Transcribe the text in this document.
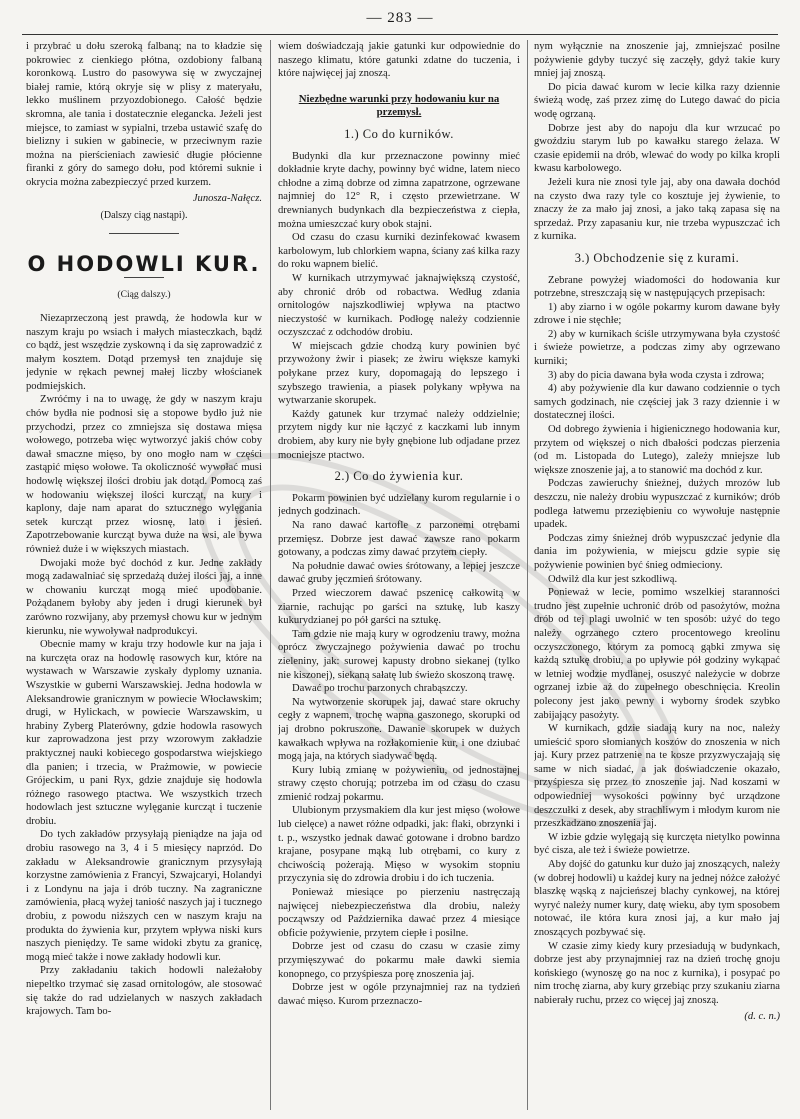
— 283 —

i przybrać u dołu szeroką falbaną; na to kładzie się pokrowiec z cienkiego płótna, ozdobiony falbaną koronkową. Lustro do pasowywa się w zwyczajnej białej ramie, którą okryje się w plisy z materyału, lekko muślinem przyozdobionego. Całość będzie skromna, ale tania i dostatecznie elegancka. Jeżeli jest miejsce, to zamiast w sypialni, trzeba ustawić szafę do bielizny i sukien w gabinecie, w przeciwnym razie można na pierścieniach zawiesić długie płócienne firanki z góry do samego dołu, pod któremi suknie i okrycia można zabezpieczyć przed kurzem.

Junosza-Nałęcz.
(Dalszy ciąg nastąpi).
O HODOWLI KUR.
(Ciąg dalszy.)

Niezaprzeczoną jest prawdą, że hodowla kur w naszym kraju po wsiach i małych miasteczkach, bądź co bądź, jest wszędzie zyskowną i da się zaprowadzić z małym kosztem. Dotąd przemysł ten znajduje się jedynie w rękach pewnej małej liczby włościanek podmiejskich.

Zwróćmy i na to uwagę, że gdy w naszym kraju chów bydła nie podnosi się a stopowe bydło już nie przychodzi, przez co zmniejsza się dostawa mięsa wołowego, potrzeba więc wytworzyć jakiś chów coby dawał smaczne mięso, by ono mogło nam w części zastąpić mięso wołowe. Ta okoliczność wywołać musi hodowlę większej ilości drobiu jak dotąd. Pomocą zaś w hodowaniu większej ilości kurcząt, na kury i kaplony, daje nam aparat do sztucznego wylęgania setek kurcząt przez wiosnę, lato i jesień. Zapotrzebowanie kurcząt bywa duże na wsi, ale bywa również duże i w większych miastach.

Dwojaki może być dochód z kur. Jedne zakłady mogą zadawalniać się sprzedażą dużej ilości jaj, a inne w chowaniu kurcząt mogą mieć upodobanie. Pożądanem byłoby aby jeden i drugi kierunek był zarówno rozwijany, aby przemysł chowu kur w jednym kierunku, nie wywoływał nadprodukcyi.

Obecnie mamy w kraju trzy hodowle kur na jaja i na kurczęta oraz na hodowlę rasowych kur, które na wystawach w Warszawie zyskały dyplomy uznania. Wszystkie w guberni Warszawskiej. Jedna hodowla w Aleksandrowie granicznym w powiecie Włocławskim; drugi, w Hylickach, w powiecie Warszawskim, u hrabiny Zyberg Platerówny, gdzie hodowla rasowych kur zaprowadzona jest przy wzorowym zakładzie praktycznej nauki kobiecego gospodarstwa wiejskiego dla panien; i trzecia, w Prażmowie, w powiecie Grójeckim, u pani Ryx, gdzie znajduje się hodowla różnego rasowego ptactwa. We wszystkich trzech hodowlach jest sztuczne wylęganie kurcząt i tuczenie drobiu.

Do tych zakładów przysyłają pieniądze na jaja od drobiu rasowego na 3, 4 i 5 miesięcy naprzód. Do zakładu w Aleksandrowie granicznym przysyłają korzystne zamówienia z Francyi, Szwajcaryi, Holandyi i z Londynu na jaja i drób tuczny. Na zagraniczne zamówienia, płacą wyżej taniość naszych jaj i tucznego drobiu, z powodu niższych cen w naszym kraju na produkta do żywienia kur, przytem wpływa niski kurs naszych pieniędzy. Te same widoki zbytu za granicę, mogą mieć także i nowe zakłady hodowli kur.

Przy zakładaniu takich hodowli należałoby niepeltko trzymać się zasad ornitologów, ale stosować się także do rad udzielanych w naszych zakładach krajowych. Tam bo-

wiem doświadczają jakie gatunki kur odpowiednie do naszego klimatu, które gatunki zdatne do tuczenia, i które najwięcej jaj znoszą.

Niezbędne warunki przy hodowaniu kur na przemysł.
1.) Co do kurników.

Budynki dla kur przeznaczone powinny mieć dokładnie kryte dachy, powinny być widne, latem nieco chłodne a zimą dobrze od zimna zapatrzone, ogrzewane najmniej do 12° R, i często przewietrzane. W drewnianych budynkach dla bezpieczeństwa z ciepła, można umieszczać kury obok stajni.

Od czasu do czasu kurniki dezinfekować kwasem karbolowym, lub chlorkiem wapna, ściany zaś kilka razy do roku wapnem bielić.

W kurnikach utrzymywać jaknajwiększą czystość, aby chronić drób od robactwa. Według zdania ornitologów najszkodliwiej wpływa na ptactwo nieczystość w kurnikach. Podłogę należy codziennie oczyszczać z odchodów drobiu.

W miejscach gdzie chodzą kury powinien być przywożony żwir i piasek; ze żwiru większe kamyki połykane przez kury, dopomagają do lepszego i szybszego trawienia, a piasek polykany wpływa na wytwarzanie skorupek.

Każdy gatunek kur trzymać należy oddzielnie; przytem nigdy kur nie łączyć z kaczkami lub innym drobiem, aby kury nie były gnębione lub odjadane przez mocniejsze ptactwo.

2.) Co do żywienia kur.

Pokarm powinien być udzielany kurom regularnie i o jednych godzinach.

Na rano dawać kartofle z parzonemi otrębami przemięsz. Dobrze jest dawać zawsze rano pokarm gotowany, a podczas zimy dawać przytem ciepły.

Na południe dawać owies śrótowany, a lepiej jeszcze dawać gruby jęczmień śrótowany.

Przed wieczorem dawać pszenicę całkowitą w ziarnie, rachując po garści na sztukę, lub kaszy kukurydzianej po pół garści na sztukę.

Tam gdzie nie mają kury w ogrodzeniu trawy, można oprócz zwyczajnego pożywienia dawać po trochu zieleniny, jak: surowej kapusty drobno siekanej (tylko nie kiszonej), siekaną sałatę lub świeżo skoszoną trawę.

Dawać po trochu parzonych chrabąszczy.

Na wytworzenie skorupek jaj, dawać stare okruchy cegły z wapnem, trochę wapna gaszonego, skorupki od jaj drobno pokruszone. Dawanie skorupek w dużych kawałkach wpływa na rozłakomienie kur, i one dziubać mogą jaja, na których siadywać będą.

Kury lubią zmianę w pożywieniu, od jednostajnej strawy często chorują; potrzeba im od czasu do czasu zmienić rodzaj pokarmu.

Ulubionym przysmakiem dla kur jest mięso (wołowe lub cielęce) a nawet różne odpadki, jak: flaki, obrzynki i t. p., wszystko jednak dawać gotowane i drobno bardzo krajane, posypane mąką lub otrębami, co kury z chciwością pożerają. Mięso w wysokim stopniu przyczynia się do zdrowia drobiu i do ich tuczenia.

Ponieważ miesiące po pierzeniu nastręczają najwięcej niebezpieczeństwa dla drobiu, należy począwszy od Października dawać przez 4 miesiące obficie pożywienie, przytem ciepłe i posilne.

Dobrze jest od czasu do czasu w czasie zimy przymięszywać do pokarmu małe dawki siemia konopnego, co przyśpiesza porę znoszenia jaj.

Dobrze jest w ogóle przynajmniej raz na tydzień dawać mięso. Kurom przeznaczo-

nym wyłącznie na znoszenie jaj, zmniejszać posilne pożywienie gdyby tuczyć się zaczęły, gdyż takie kury mniej jaj znoszą.

Do picia dawać kurom w lecie kilka razy dziennie świeżą wodę, zaś przez zimę do Lutego dawać do picia wodę ogrzaną.

Dobrze jest aby do napoju dla kur wrzucać po gwoździu starym lub po kawałku starego żelaza. W czasie epidemii na drób, wlewać do wody po kilka kropli kwasu karbolowego.

Jeżeli kura nie znosi tyle jaj, aby ona dawała dochód na czysto dwa razy tyle co kosztuje jej żywienie, to znaczy że za mało jaj znosi, a jako taką zapasa się na sprzedaż. Przy zapasaniu kur, nie trzeba wypuszczać ich z kurnika.

3.) Obchodzenie się z kurami.

Zebrane powyżej wiadomości do hodowania kur potrzebne, streszczają się w następujących przepisach:

1) aby ziarno i w ogóle pokarmy kurom dawane były zdrowe i nie stęchłe;

2) aby w kurnikach ściśle utrzymywana była czystość i świeże powietrze, a podczas zimy aby ogrzewano kurniki;

3) aby do picia dawana była woda czysta i zdrowa;

4) aby pożywienie dla kur dawano codziennie o tych samych godzinach, nie częściej jak 3 razy dziennie i w dostatecznej ilości.

Od dobrego żywienia i higienicznego hodowania kur, przytem od większej o nich dbałości podczas pierzenia (od m. Listopada do Lutego), zależy mniejsze lub większe znoszenie jaj, a to stanowić ma dochód z kur.

Podczas zawieruchy śnieżnej, dużych mrozów lub deszczu, nie należy drobiu wypuszczać z kurników; drób podlega łatwemu przeziębieniu co wywołuje następnie upadek.

Podczas zimy śnieżnej drób wypuszczać jedynie dla dania im pożywienia, w miejscu gdzie sypie się pożywienie powinien być śnieg odmieciony.

Odwilż dla kur jest szkodliwą.

Ponieważ w lecie, pomimo wszelkiej staranności trudno jest zupełnie uchronić drób od pasożytów, można drób od tej plagi uwolnić w ten sposób: użyć do tego należy ogrzanego cztero procentowego kreolinu oczyszczonego, którym za pomocą gąbki zmywa się każdą sztukę drobiu, a po upływie pół godziny wykąpać w letniej wodzie mydlanej, osuszyć należycie w dobrze ogrzanej izbie aż do zupełnego obeschnięcia. Kreolin polecony jest jako pewny i wyborny środek szybko zabijający pasożyty.

W kurnikach, gdzie siadają kury na noc, należy umieścić sporo słomianych koszów do znoszenia w nich jaj. Kury przez patrzenie na te kosze przyzwyczajają się same w nich siadać, a jak doświadczenie okazało, przyśpiesza się przez to znoszenie jaj. Nad koszami w odpowiedniej wysokości powinny być urządzone deszczułki z desek, aby strachliwym i młodym kurom nie przeszkadzano znoszenia jaj.

W izbie gdzie wylęgają się kurczęta nietylko powinna być cisza, ale też i świeże powietrze.

Aby dojść do gatunku kur dużo jaj znoszących, należy (w dobrej hodowli) u każdej kury na jednej nóżce założyć blaszkę wąską z najcieńszej blachy cynkowej, na której wyryć należy numer kury, datę wieku, aby tym sposobem notować, ile która kura znosi jaj, a kur mało jaj znoszących pozbywać się.

W czasie zimy kiedy kury przesiadują w budynkach, dobrze jest aby przynajmniej raz na dzień trochę gnoju końskiego (wynoszę go na noc z kurnika), i posypać po nim trochę ziarna, aby kury grzebiąc przy szukaniu ziarna nabierały ruchu, przez co więcej jaj znoszą.

(d. c. n.)
